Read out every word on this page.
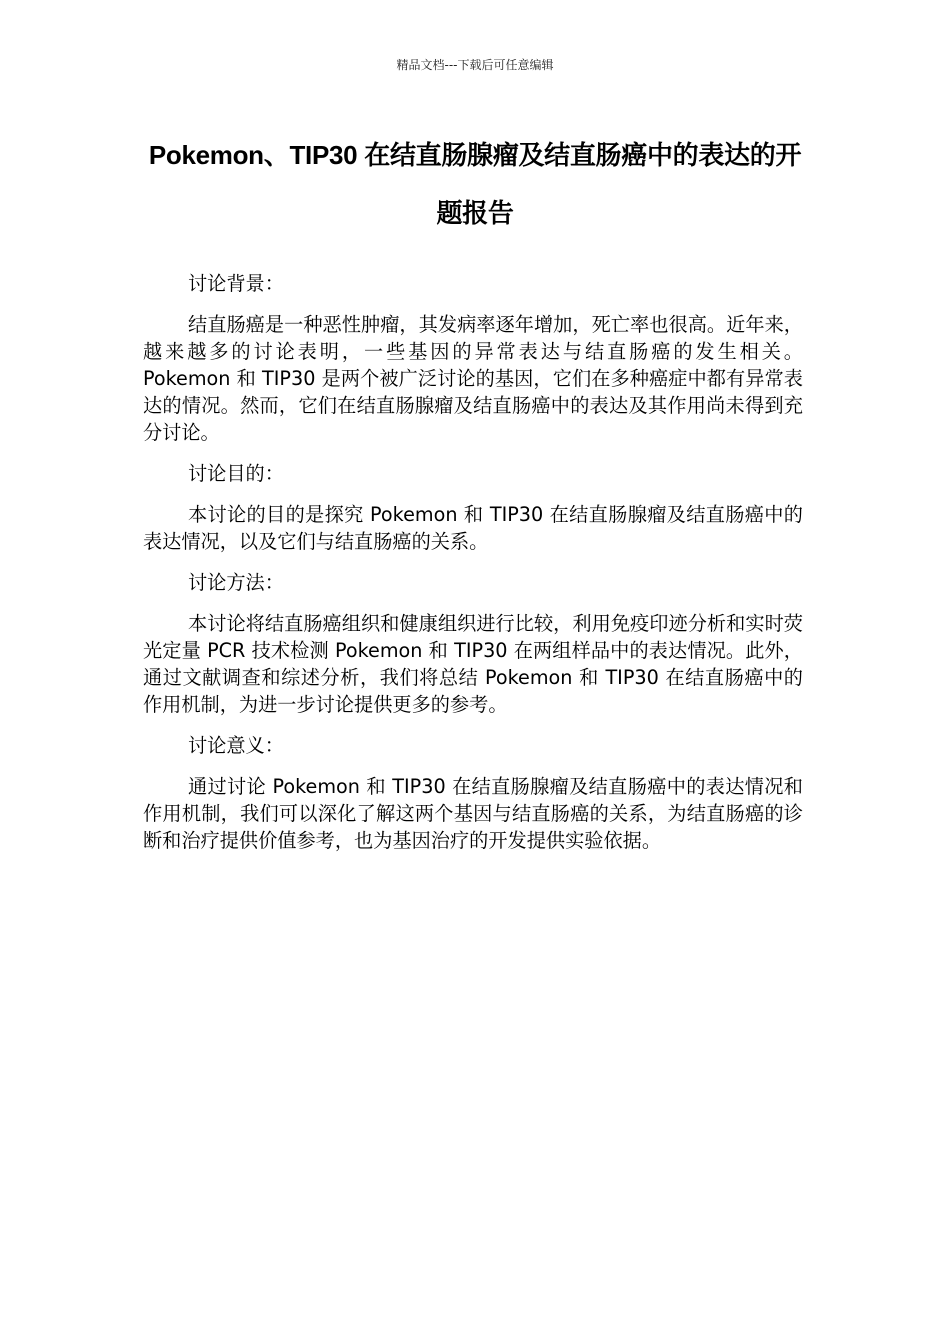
精品文档---下载后可任意编辑
Pokemon、TIP30 在结直肠腺瘤及结直肠癌中的表达的开题报告
讨论背景：
结直肠癌是一种恶性肿瘤，其发病率逐年增加，死亡率也很高。近年来，越来越多的讨论表明，一些基因的异常表达与结直肠癌的发生相关。Pokemon 和 TIP30 是两个被广泛讨论的基因，它们在多种癌症中都有异常表达的情况。然而，它们在结直肠腺瘤及结直肠癌中的表达及其作用尚未得到充分讨论。
讨论目的：
本讨论的目的是探究 Pokemon 和 TIP30 在结直肠腺瘤及结直肠癌中的表达情况，以及它们与结直肠癌的关系。
讨论方法：
本讨论将结直肠癌组织和健康组织进行比较，利用免疫印迹分析和实时荧光定量 PCR 技术检测 Pokemon 和 TIP30 在两组样品中的表达情况。此外，通过文献调查和综述分析，我们将总结 Pokemon 和 TIP30 在结直肠癌中的作用机制，为进一步讨论提供更多的参考。
讨论意义：
通过讨论 Pokemon 和 TIP30 在结直肠腺瘤及结直肠癌中的表达情况和作用机制，我们可以深化了解这两个基因与结直肠癌的关系，为结直肠癌的诊断和治疗提供价值参考，也为基因治疗的开发提供实验依据。
